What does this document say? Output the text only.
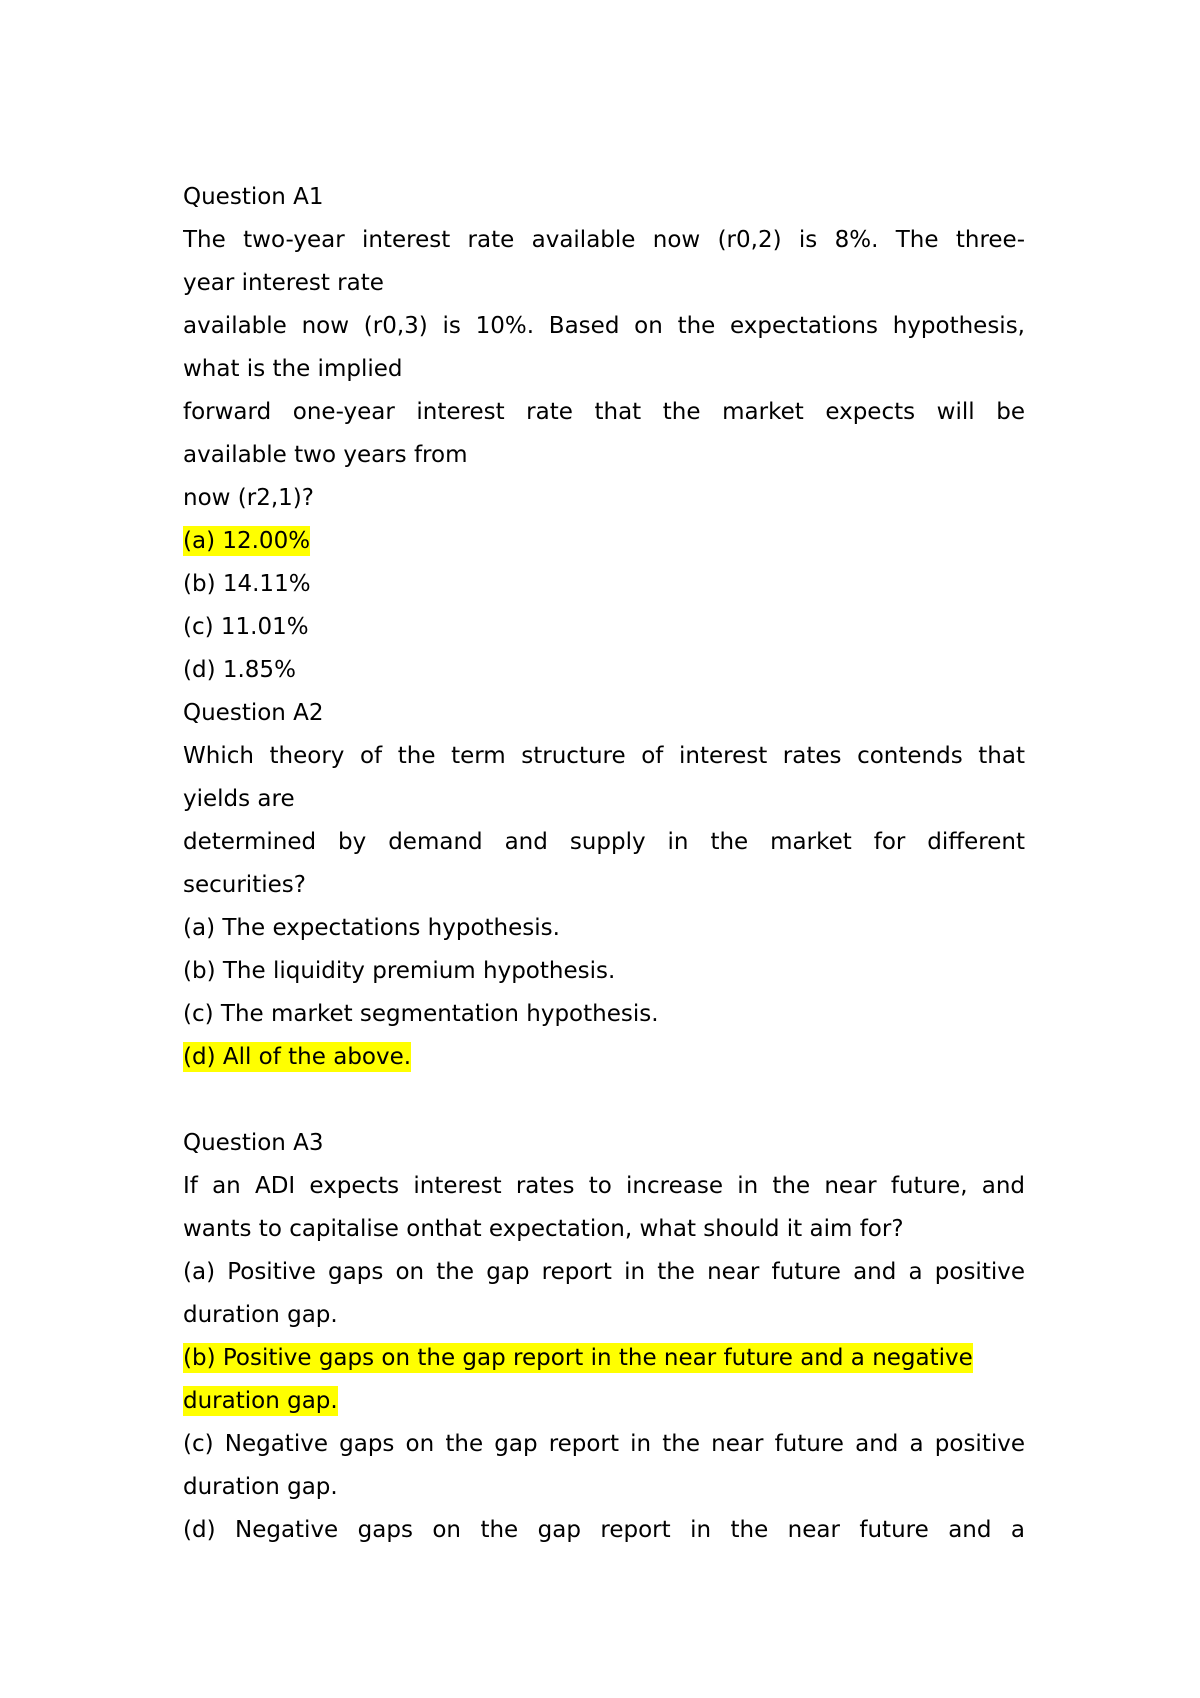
Question A1
The two-year interest rate available now (r0,2) is 8%. The three-
year interest rate
available now (r0,3) is 10%. Based on the expectations hypothesis,
what is the implied
forward one-year interest rate that the market expects will be
available two years from
now (r2,1)?
(a) 12.00%
(b) 14.11%
(c) 11.01%
(d) 1.85%
Question A2
Which theory of the term structure of interest rates contends that
yields are
determined by demand and supply in the market for different
securities?
(a) The expectations hypothesis.
(b) The liquidity premium hypothesis.
(c) The market segmentation hypothesis.
(d) All of the above.
Question A3
If an ADI expects interest rates to increase in the near future, and
wants to capitalise onthat expectation, what should it aim for?
(a) Positive gaps on the gap report in the near future and a positive
duration gap.
(b) Positive gaps on the gap report in the near future and a negative
duration gap.
(c) Negative gaps on the gap report in the near future and a positive
duration gap.
(d) Negative gaps on the gap report in the near future and a
